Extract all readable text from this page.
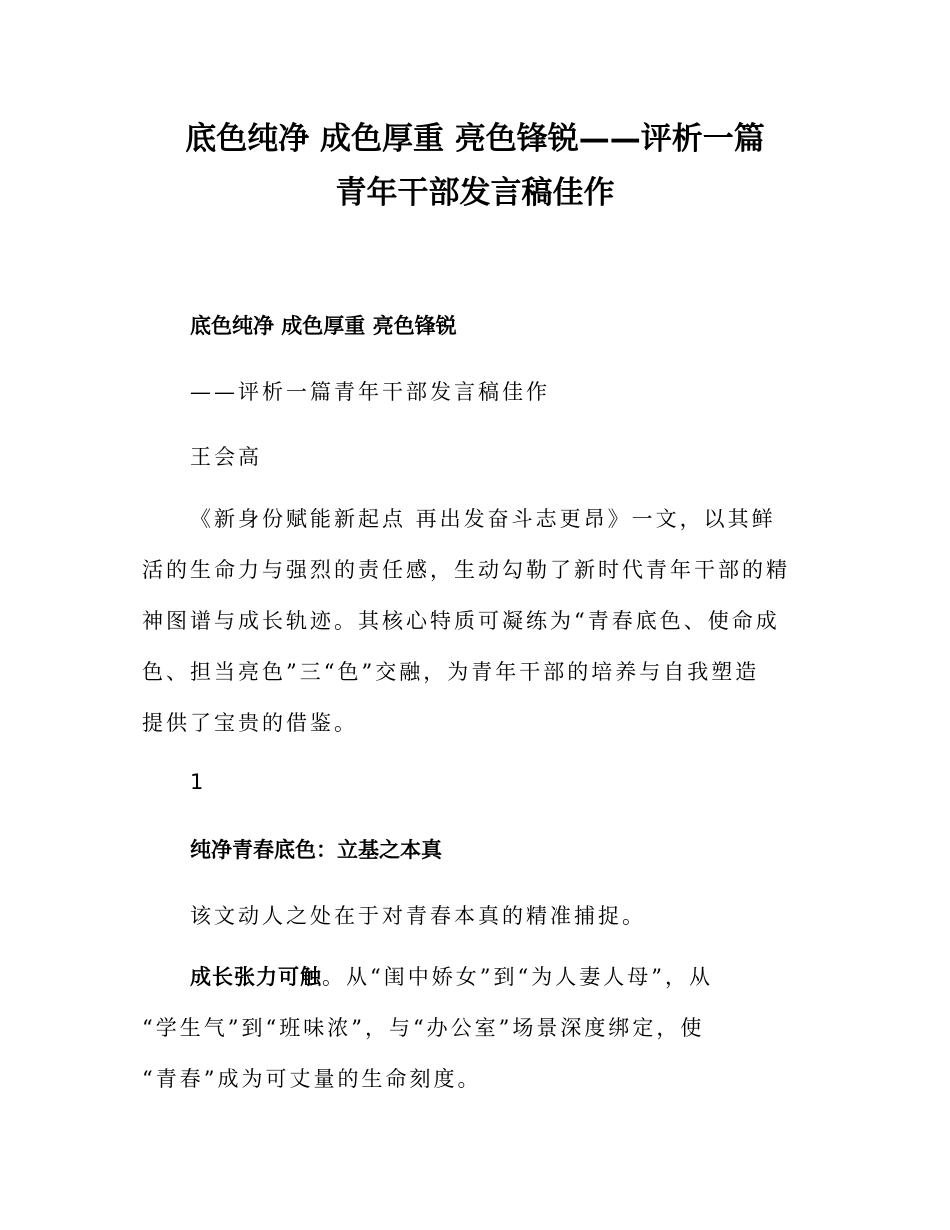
底色纯净 成色厚重 亮色锋锐——评析一篇
青年干部发言稿佳作

底色纯净 成色厚重 亮色锋锐

——评析一篇青年干部发言稿佳作

王会高

《新身份赋能新起点 再出发奋斗志更昂》一文，以其鲜
活的生命力与强烈的责任感，生动勾勒了新时代青年干部的精
神图谱与成长轨迹。其核心特质可凝练为“青春底色、使命成
色、担当亮色”三“色”交融，为青年干部的培养与自我塑造
提供了宝贵的借鉴。

1

纯净青春底色：立基之本真

该文动人之处在于对青春本真的精准捕捉。

成长张力可触。从“闺中娇女”到“为人妻人母”，从
“学生气”到“班味浓”，与“办公室”场景深度绑定，使
“青春”成为可丈量的生命刻度。
